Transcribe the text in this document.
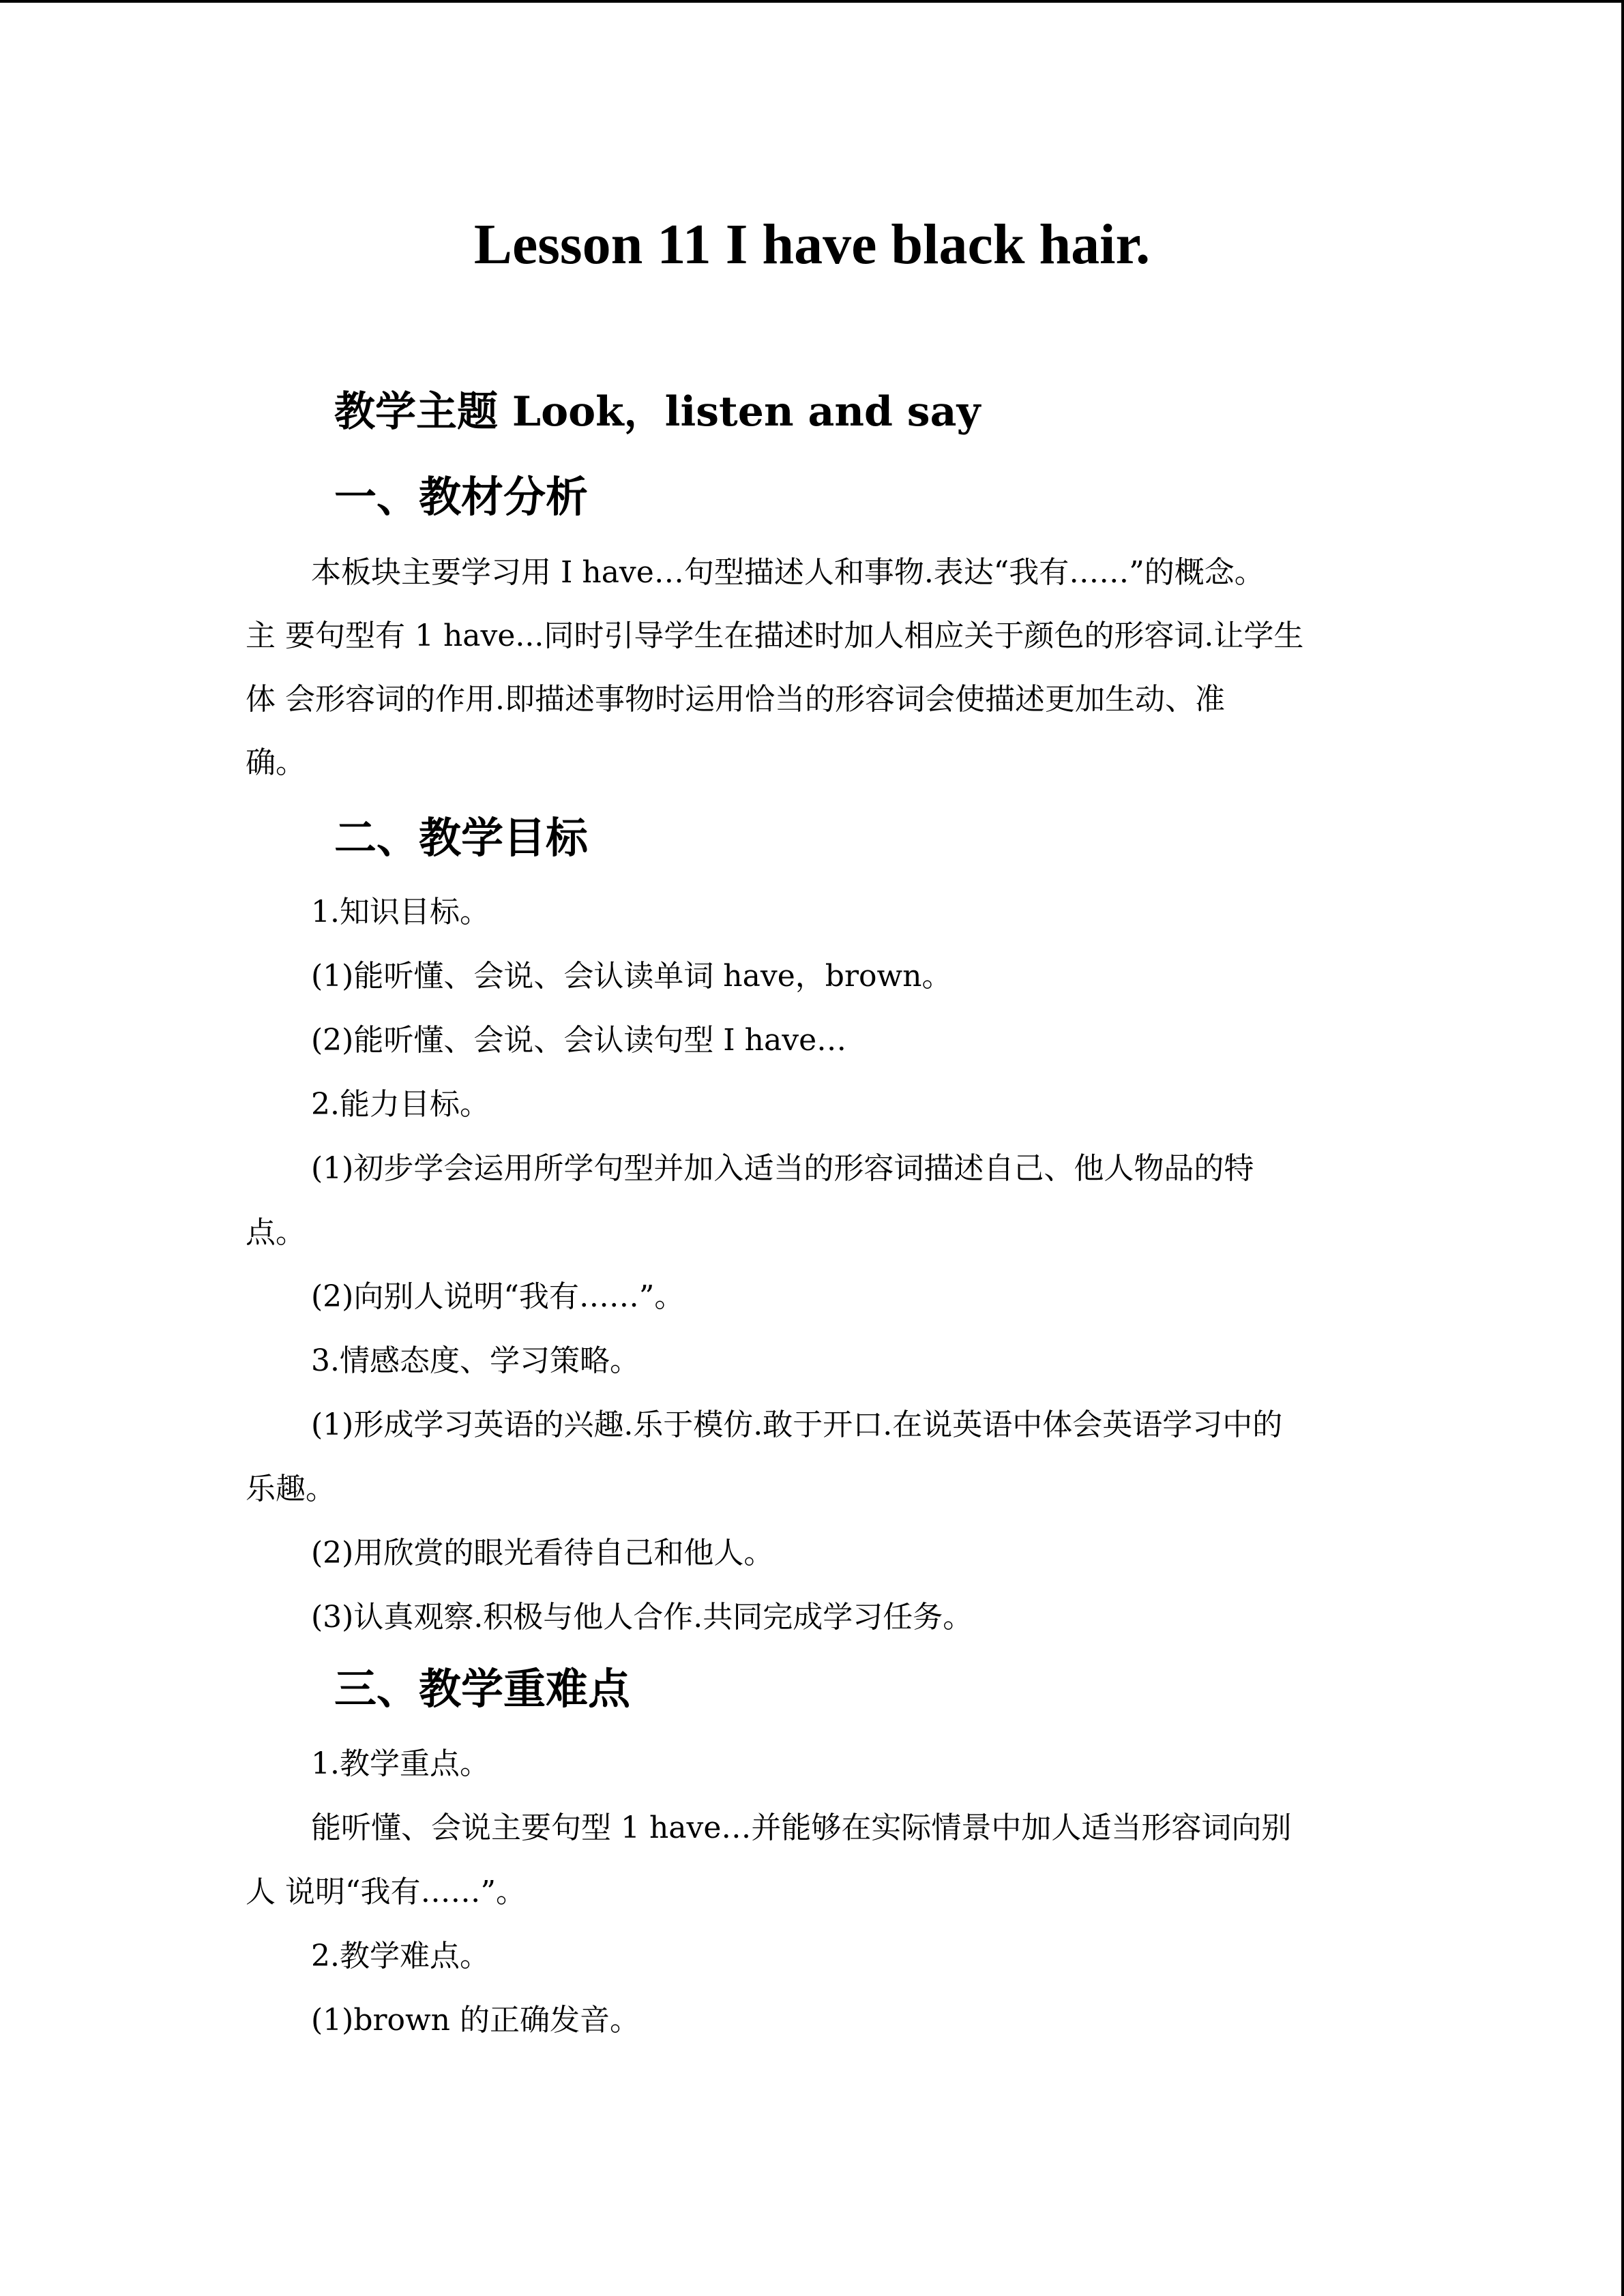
Lesson 11 I have black hair.
教学主题 Look，listen and say
一、教材分析

本板块主要学习用 I have…句型描述人和事物.表达“我有……”的概念。

主 要句型有 1 have...同时引导学生在描述时加人相应关于颜色的形容词.让学生

体 会形容词的作用.即描述事物时运用恰当的形容词会使描述更加生动、准

确。

二、教学目标

1.知识目标。

(1)能听懂、会说、会认读单词 have，brown。

(2)能听懂、会说、会认读句型 I have…

2.能力目标。

(1)初步学会运用所学句型并加入适当的形容词描述自己、他人物品的特

点。

(2)向别人说明“我有……”。

3.情感态度、学习策略。

(1)形成学习英语的兴趣.乐于模仿.敢于开口.在说英语中体会英语学习中的

乐趣。

(2)用欣赏的眼光看待自己和他人。

(3)认真观察.积极与他人合作.共同完成学习任务。

三、教学重难点

1.教学重点。

能听懂、会说主要句型 1 have…并能够在实际情景中加人适当形容词向别

人 说明“我有……”。

2.教学难点。

(1)brown 的正确发音。
